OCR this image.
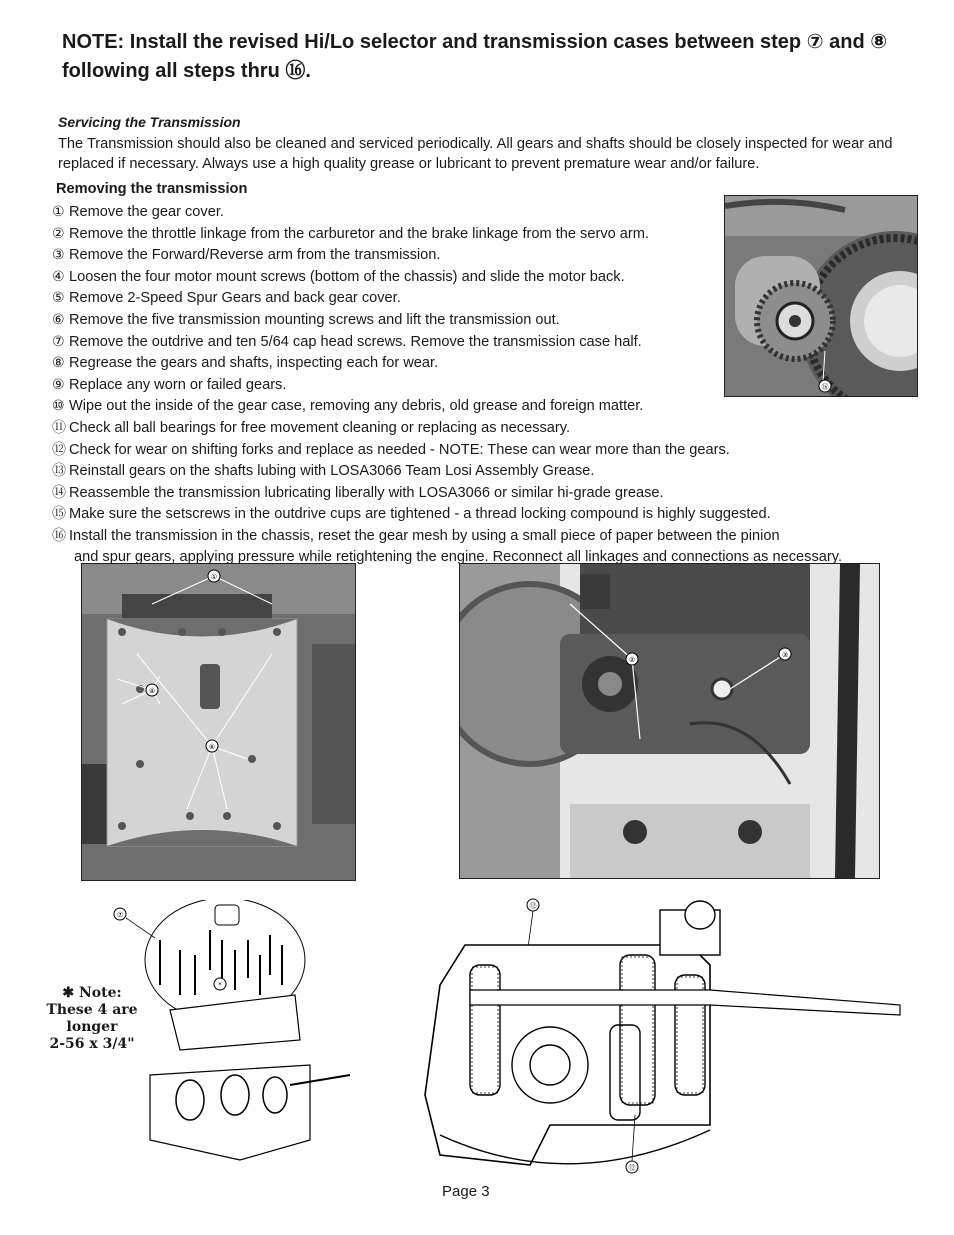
NOTE: Install the revised Hi/Lo selector and transmission cases between step ⑦ and ⑧ following all steps thru ⑯.
Servicing the Transmission
The Transmission should also be cleaned and serviced periodically. All gears and shafts should be closely inspected for wear and replaced if necessary. Always use a high quality grease or lubricant to prevent premature wear and/or failure.
Removing the transmission
① Remove the gear cover.
② Remove the throttle linkage from the carburetor and the brake linkage from the servo arm.
③ Remove the Forward/Reverse arm from the transmission.
④ Loosen the four motor mount screws (bottom of the chassis) and slide the motor back.
⑤ Remove 2-Speed Spur Gears and back gear cover.
⑥ Remove the five transmission mounting screws and lift the transmission out.
⑦ Remove the outdrive and ten 5/64 cap head screws. Remove the transmission case half.
⑧ Regrease the gears and shafts, inspecting each for wear.
⑨ Replace any worn or failed gears.
⑩ Wipe out the inside of the gear case, removing any debris, old grease and foreign matter.
⑪ Check all ball bearings for free movement cleaning or replacing as necessary.
⑫ Check for wear on shifting forks and replace as needed - NOTE: These can wear more than the gears.
⑬ Reinstall gears on the shafts lubing with LOSA3066 Team Losi Assembly Grease.
⑭ Reassemble the transmission lubricating liberally with LOSA3066 or similar hi-grade grease.
⑮ Make sure the setscrews in the outdrive cups are tightened - a thread locking compound is highly suggested.
⑯ Install the transmission in the chassis, reset the gear mesh by using a small piece of paper between the pinion
and spur gears, applying pressure while retightening the engine. Reconnect all linkages and connections as necessary.
⑯
①
④
⑥
②
③
⑦
*
✱ Note:
These 4 are
longer
2-56 x 3/4"
⑫
⑫
Page 3
